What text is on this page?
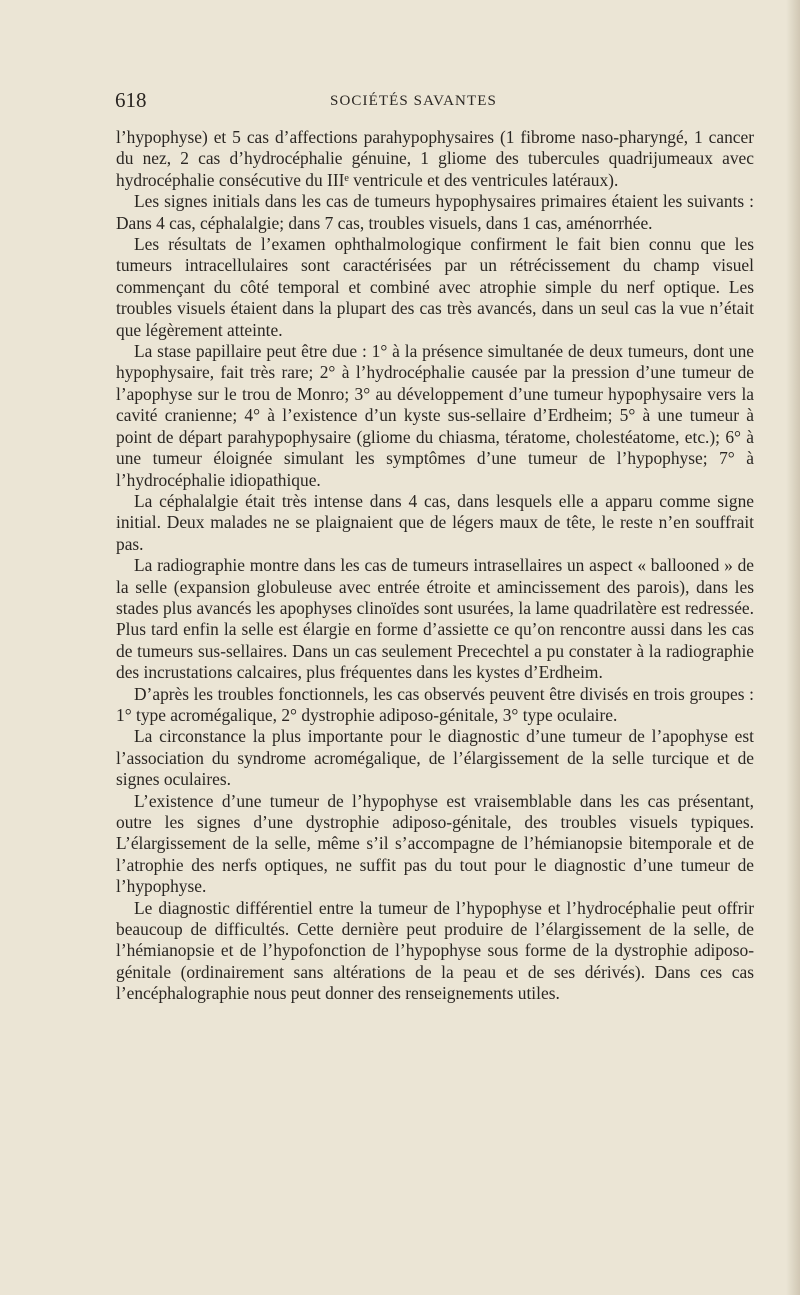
618	SOCIÉTÉS SAVANTES

l’hypophyse) et 5 cas d’affections parahypophysaires (1 fibrome naso-pharyngé, 1 cancer du nez, 2 cas d’hydrocéphalie génuine, 1 gliome des tubercules quadrijumeaux avec hydrocéphalie consécutive du IIIᵉ ventricule et des ventricules latéraux).

Les signes initials dans les cas de tumeurs hypophysaires primaires étaient les suivants : Dans 4 cas, céphalalgie; dans 7 cas, troubles visuels, dans 1 cas, aménorrhée.

Les résultats de l’examen ophthalmologique confirment le fait bien connu que les tumeurs intracellulaires sont caractérisées par un rétrécissement du champ visuel commençant du côté temporal et combiné avec atrophie simple du nerf optique. Les troubles visuels étaient dans la plupart des cas très avancés, dans un seul cas la vue n’était que légèrement atteinte.

La stase papillaire peut être due : 1° à la présence simultanée de deux tumeurs, dont une hypophysaire, fait très rare; 2° à l’hydrocéphalie causée par la pression d’une tumeur de l’apophyse sur le trou de Monro; 3° au développement d’une tumeur hypophysaire vers la cavité cranienne; 4° à l’existence d’un kyste sus-sellaire d’Erdheim; 5° à une tumeur à point de départ parahypophysaire (gliome du chiasma, tératome, cholestéatome, etc.); 6° à une tumeur éloignée simulant les symptômes d’une tumeur de l’hypophyse; 7° à l’hydrocéphalie idiopathique.

La céphalalgie était très intense dans 4 cas, dans lesquels elle a apparu comme signe initial. Deux malades ne se plaignaient que de légers maux de tête, le reste n’en souffrait pas.

La radiographie montre dans les cas de tumeurs intrasellaires un aspect « ballooned » de la selle (expansion globuleuse avec entrée étroite et amincissement des parois), dans les stades plus avancés les apophyses clinoïdes sont usurées, la lame quadrilatère est redressée. Plus tard enfin la selle est élargie en forme d’assiette ce qu’on rencontre aussi dans les cas de tumeurs sus-sellaires. Dans un cas seulement Precechtel a pu constater à la radiographie des incrustations calcaires, plus fréquentes dans les kystes d’Erdheim.

D’après les troubles fonctionnels, les cas observés peuvent être divisés en trois groupes : 1° type acromégalique, 2° dystrophie adiposo-génitale, 3° type oculaire.

La circonstance la plus importante pour le diagnostic d’une tumeur de l’apophyse est l’association du syndrome acromégalique, de l’élargissement de la selle turcique et de signes oculaires.

L’existence d’une tumeur de l’hypophyse est vraisemblable dans les cas présentant, outre les signes d’une dystrophie adiposo-génitale, des troubles visuels typiques. L’élargissement de la selle, même s’il s’accompagne de l’hémianopsie bitemporale et de l’atrophie des nerfs optiques, ne suffit pas du tout pour le diagnostic d’une tumeur de l’hypophyse.

Le diagnostic différentiel entre la tumeur de l’hypophyse et l’hydrocéphalie peut offrir beaucoup de difficultés. Cette dernière peut produire de l’élargissement de la selle, de l’hémianopsie et de l’hypofonction de l’hypophyse sous forme de la dystrophie adiposo-génitale (ordinairement sans altérations de la peau et de ses dérivés). Dans ces cas l’encéphalographie nous peut donner des renseignements utiles.
